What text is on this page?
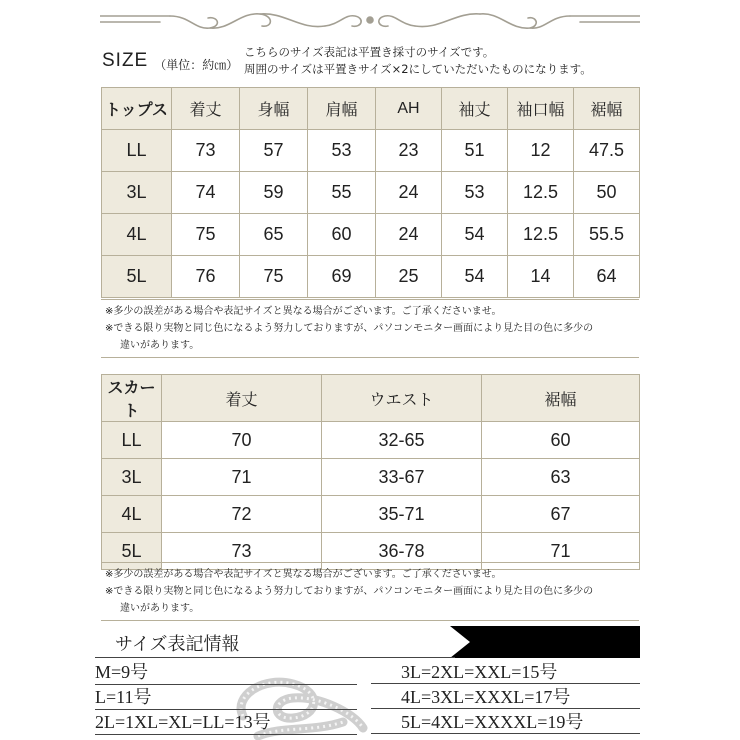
SIZE （単位：約㎝）
こちらのサイズ表記は平置き採寸のサイズです。
周囲のサイズは平置きサイズ×2にしていただいたものになります。
トップス	着丈	身幅	肩幅	AH	袖丈	袖口幅	裾幅
LL	73	57	53	23	51	12	47.5
3L	74	59	55	24	53	12.5	50
4L	75	65	60	24	54	12.5	55.5
5L	76	75	69	25	54	14	64
※多少の誤差がある場合や表記サイズと異なる場合がございます。ご了承くださいませ。
※できる限り実物と同じ色になるよう努力しておりますが、パソコンモニター画面により見た目の色に多少の
違いがあります。
スカート	着丈	ウエスト	裾幅
LL	70	32-65	60
3L	71	33-67	63
4L	72	35-71	67
5L	73	36-78	71
※多少の誤差がある場合や表記サイズと異なる場合がございます。ご了承くださいませ。
※できる限り実物と同じ色になるよう努力しておりますが、パソコンモニター画面により見た目の色に多少の
違いがあります。
サイズ表記情報
M=9号
L=11号
2L=1XL=XL=LL=13号
3L=2XL=XXL=15号
4L=3XL=XXXL=17号
5L=4XL=XXXXL=19号
